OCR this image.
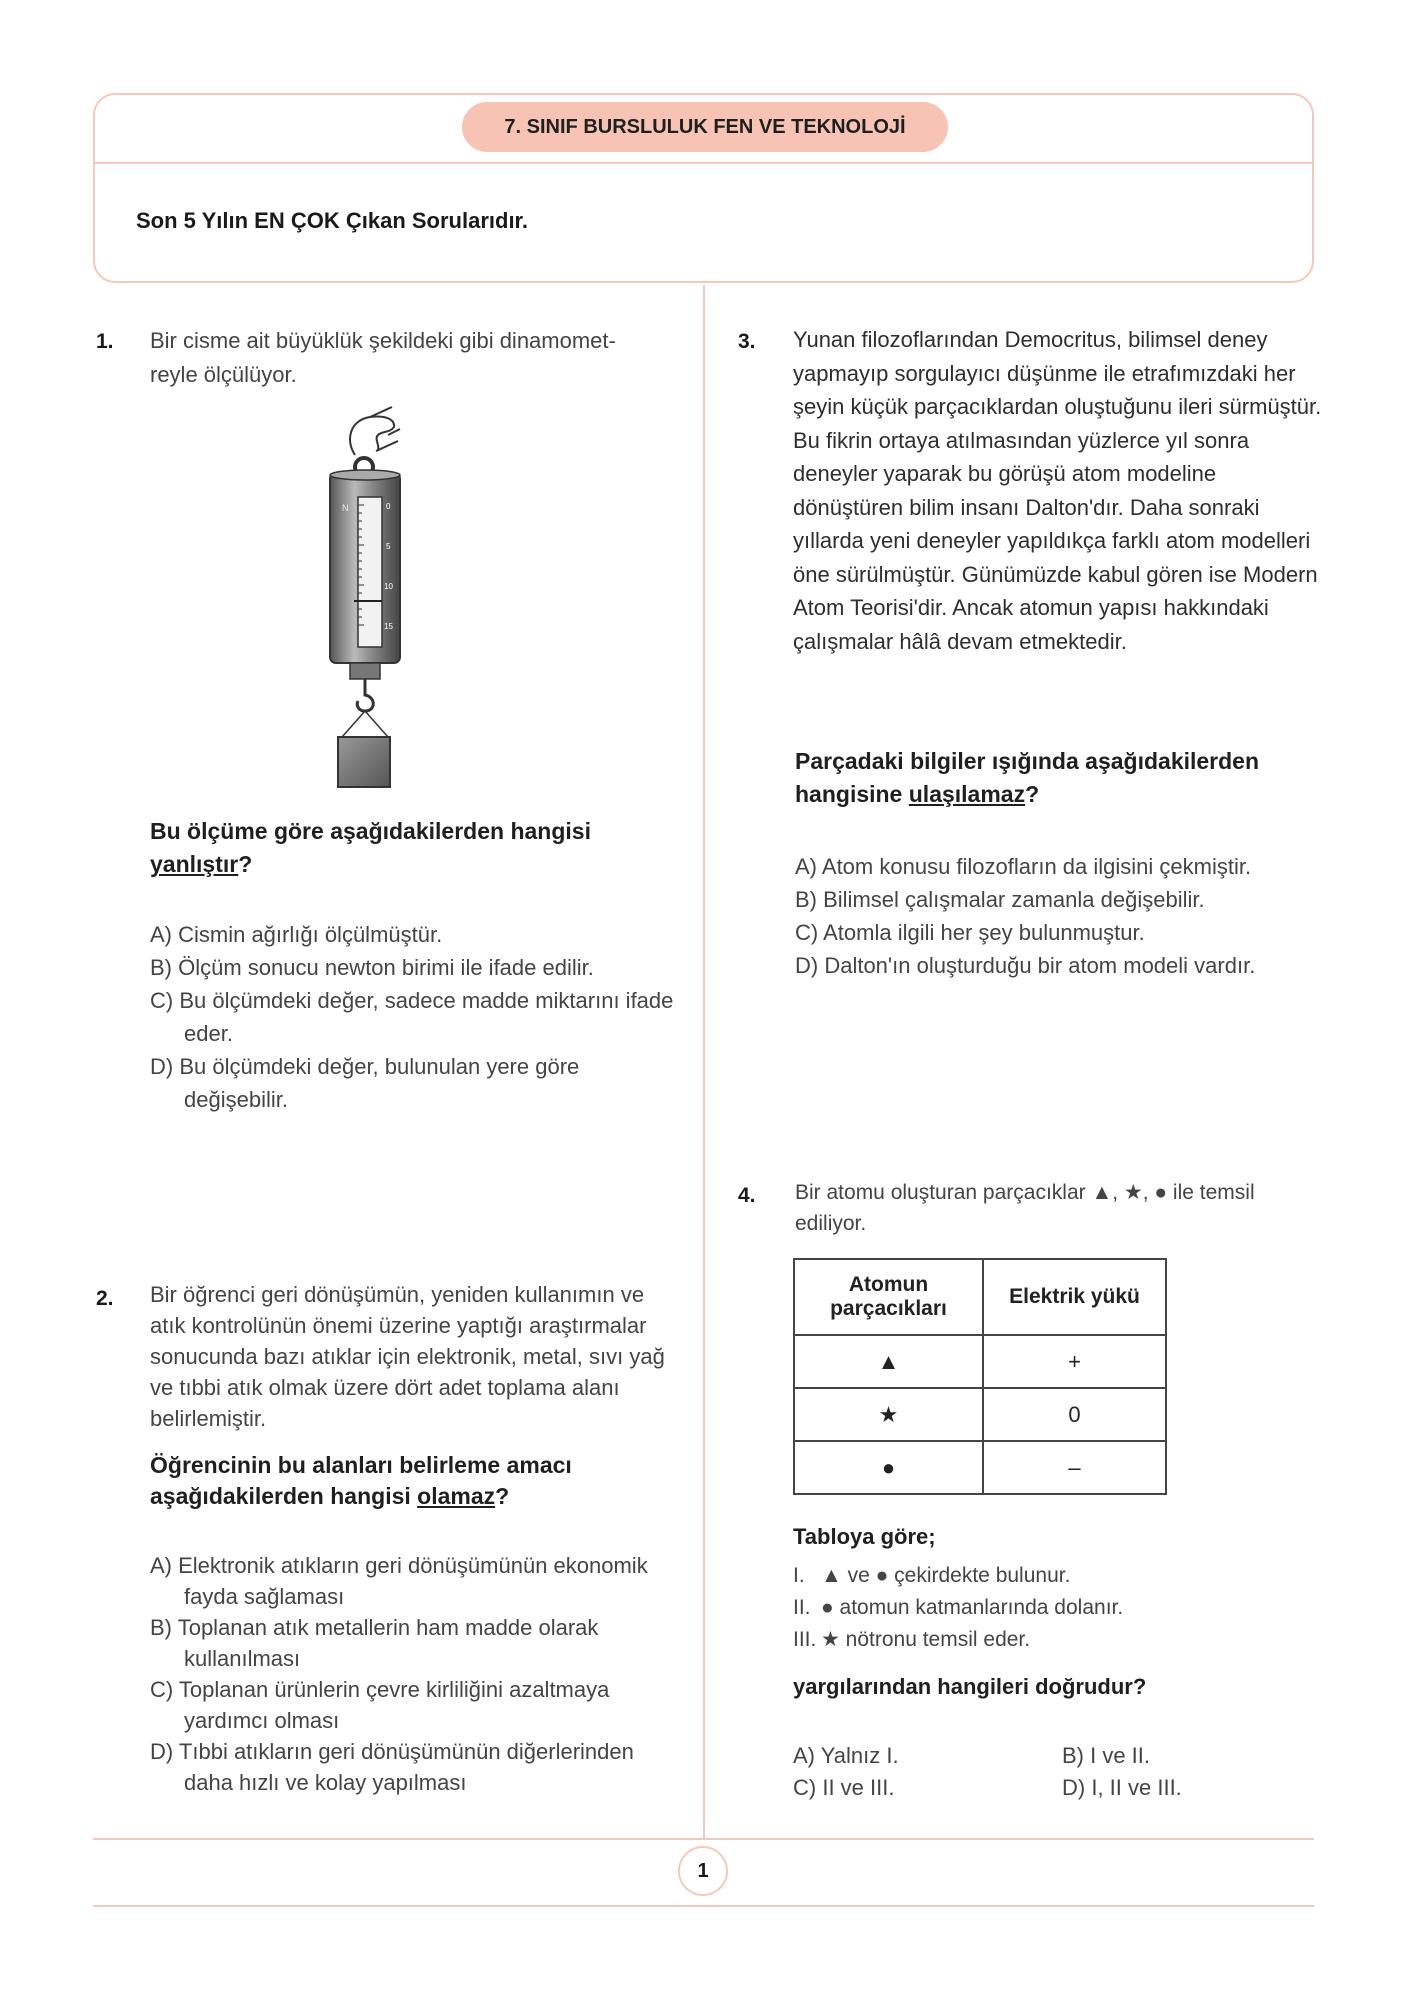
7. SINIF BURSLULUK FEN VE TEKNOLOJİ
Son 5 Yılın EN ÇOK Çıkan Sorularıdır.
1. Bir cisme ait büyüklük şekildeki gibi dinamomet-
reyle ölçülüyor.
N	0
5
10
15
Bu ölçüme göre aşağıdakilerden hangisi yanlıştır?
A) Cismin ağırlığı ölçülmüştür.
B) Ölçüm sonucu newton birimi ile ifade edilir.
C) Bu ölçümdeki değer, sadece madde miktarını ifade eder.
D) Bu ölçümdeki değer, bulunulan yere göre değişebilir.
2. Bir öğrenci geri dönüşümün, yeniden kullanımın ve atık kontrolünün önemi üzerine yaptığı araştırmalar sonucunda bazı atıklar için elektronik, metal, sıvı yağ ve tıbbi atık olmak üzere dört adet toplama alanı belirlemiştir.
Öğrencinin bu alanları belirleme amacı aşağıdakilerden hangisi olamaz?
A) Elektronik atıkların geri dönüşümünün ekonomik fayda sağlaması
B) Toplanan atık metallerin ham madde olarak kullanılması
C) Toplanan ürünlerin çevre kirliliğini azaltmaya yardımcı olması
D) Tıbbi atıkların geri dönüşümünün diğerlerinden daha hızlı ve kolay yapılması
3. Yunan filozoflarından Democritus, bilimsel deney yapmayıp sorgulayıcı düşünme ile etrafımızdaki her şeyin küçük parçacıklardan oluştuğunu ileri sürmüştür. Bu fikrin ortaya atılmasından yüzlerce yıl sonra deneyler yaparak bu görüşü atom modeline dönüştüren bilim insanı Dalton'dır. Daha sonraki yıllarda yeni deneyler yapıldıkça farklı atom modelleri öne sürülmüştür. Günümüzde kabul gören ise Modern Atom Teorisi'dir. Ancak atomun yapısı hakkındaki çalışmalar hâlâ devam etmektedir.
Parçadaki bilgiler ışığında aşağıdakilerden hangisine ulaşılamaz?
A) Atom konusu filozofların da ilgisini çekmiştir.
B) Bilimsel çalışmalar zamanla değişebilir.
C) Atomla ilgili her şey bulunmuştur.
D) Dalton'ın oluşturduğu bir atom modeli vardır.
4. Bir atomu oluşturan parçacıklar ▲, ★, ● ile temsil ediliyor.
Atomun parçacıkları	Elektrik yükü
▲	+
★	0
●	–
Tabloya göre;
I. ▲ ve ● çekirdekte bulunur.
II. ● atomun katmanlarında dolanır.
III. ★ nötronu temsil eder.
yargılarından hangileri doğrudur?
A) Yalnız I.	B) I ve II.
C) II ve III.	D) I, II ve III.
1
